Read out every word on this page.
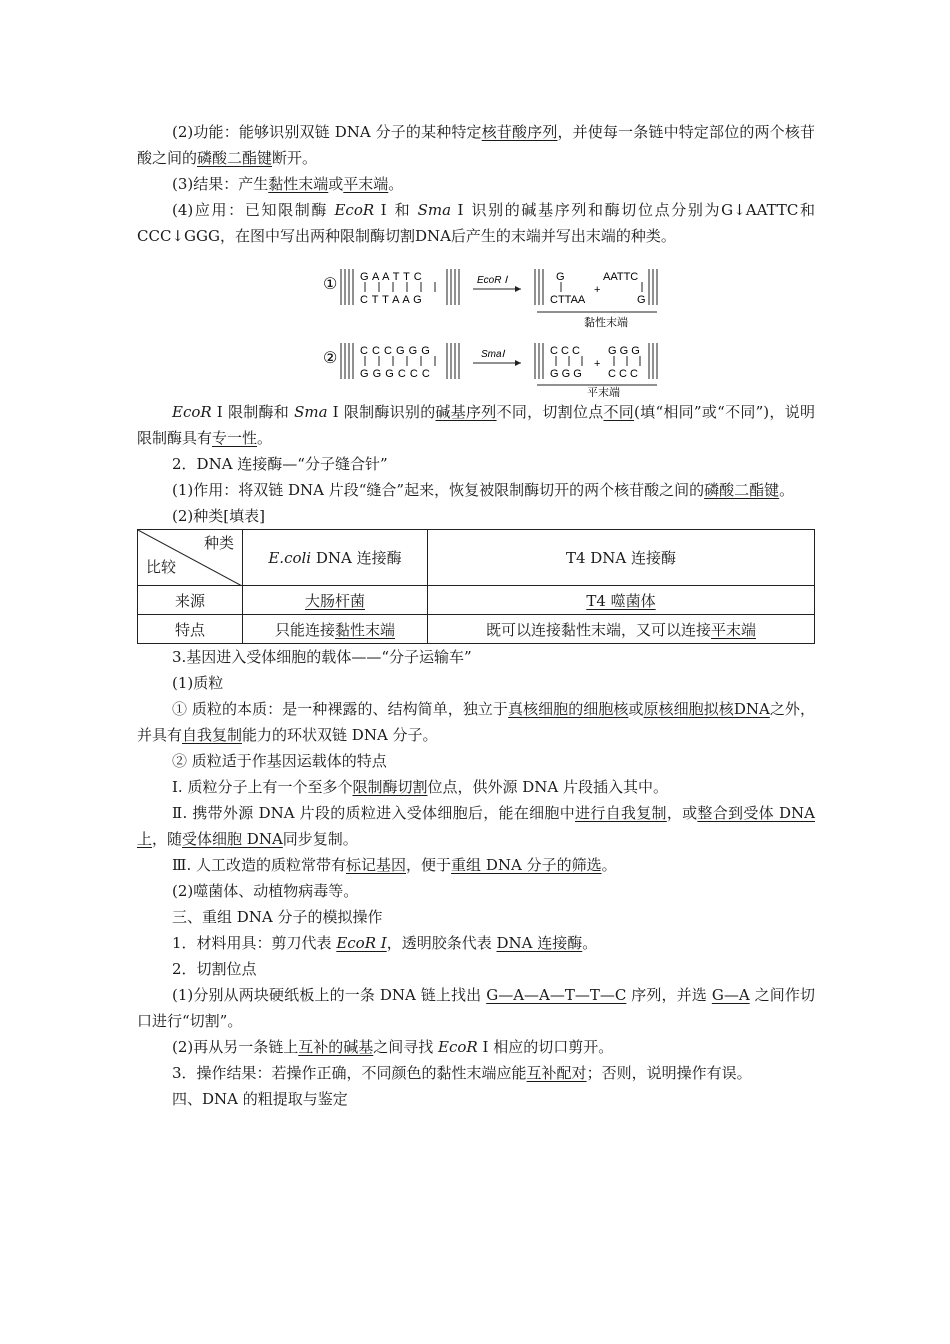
(2)功能：能够识别双链 DNA 分子的某种特定核苷酸序列，并使每一条链中特定部位的两个核苷酸之间的磷酸二酯键断开。

(3)结果：产生黏性末端或平末端。

(4)应用：已知限制酶 EcoR Ⅰ 和 Sma Ⅰ 识别的碱基序列和酶切位点分别为G↓AATTC和CCC↓GGG，在图中写出两种限制酶切割DNA后产生的末端并写出末端的种类。

① G A A T T C
C T T A A G
EcoR Ⅰ	G
CTTAA
+
AATTC
G
黏性末端
② C C C G G G
G G G C C C
SmaⅠ	C C C
G G G
+
G G G
C C C
平末端

EcoR Ⅰ 限制酶和 Sma Ⅰ 限制酶识别的碱基序列不同，切割位点不同(填“相同”或“不同”)，说明限制酶具有专一性。

2．DNA 连接酶—“分子缝合针”

(1)作用：将双链 DNA 片段“缝合”起来，恢复被限制酶切开的两个核苷酸之间的磷酸二酯键。

(2)种类[填表]

种类
比较	E.coli DNA 连接酶	T4 DNA 连接酶
来源	大肠杆菌	T4 噬菌体
特点	只能连接黏性末端	既可以连接黏性末端，又可以连接平末端

3.基因进入受体细胞的载体——“分子运输车”

(1)质粒

① 质粒的本质：是一种裸露的、结构简单，独立于真核细胞的细胞核或原核细胞拟核DNA之外，并具有自我复制能力的环状双链 DNA 分子。

② 质粒适于作基因运载体的特点

Ⅰ. 质粒分子上有一个至多个限制酶切割位点，供外源 DNA 片段插入其中。

Ⅱ. 携带外源 DNA 片段的质粒进入受体细胞后，能在细胞中进行自我复制，或整合到受体 DNA 上，随受体细胞 DNA同步复制。

Ⅲ. 人工改造的质粒常带有标记基因，便于重组 DNA 分子的筛选。

(2)噬菌体、动植物病毒等。

三、重组 DNA 分子的模拟操作

1．材料用具：剪刀代表 EcoR Ⅰ，透明胶条代表 DNA 连接酶。

2．切割位点

(1)分别从两块硬纸板上的一条 DNA 链上找出 G—A—A—T—T—C 序列，并选 G—A 之间作切口进行“切割”。

(2)再从另一条链上互补的碱基之间寻找 EcoR Ⅰ 相应的切口剪开。

3．操作结果：若操作正确，不同颜色的黏性末端应能互补配对；否则，说明操作有误。

四、DNA 的粗提取与鉴定
